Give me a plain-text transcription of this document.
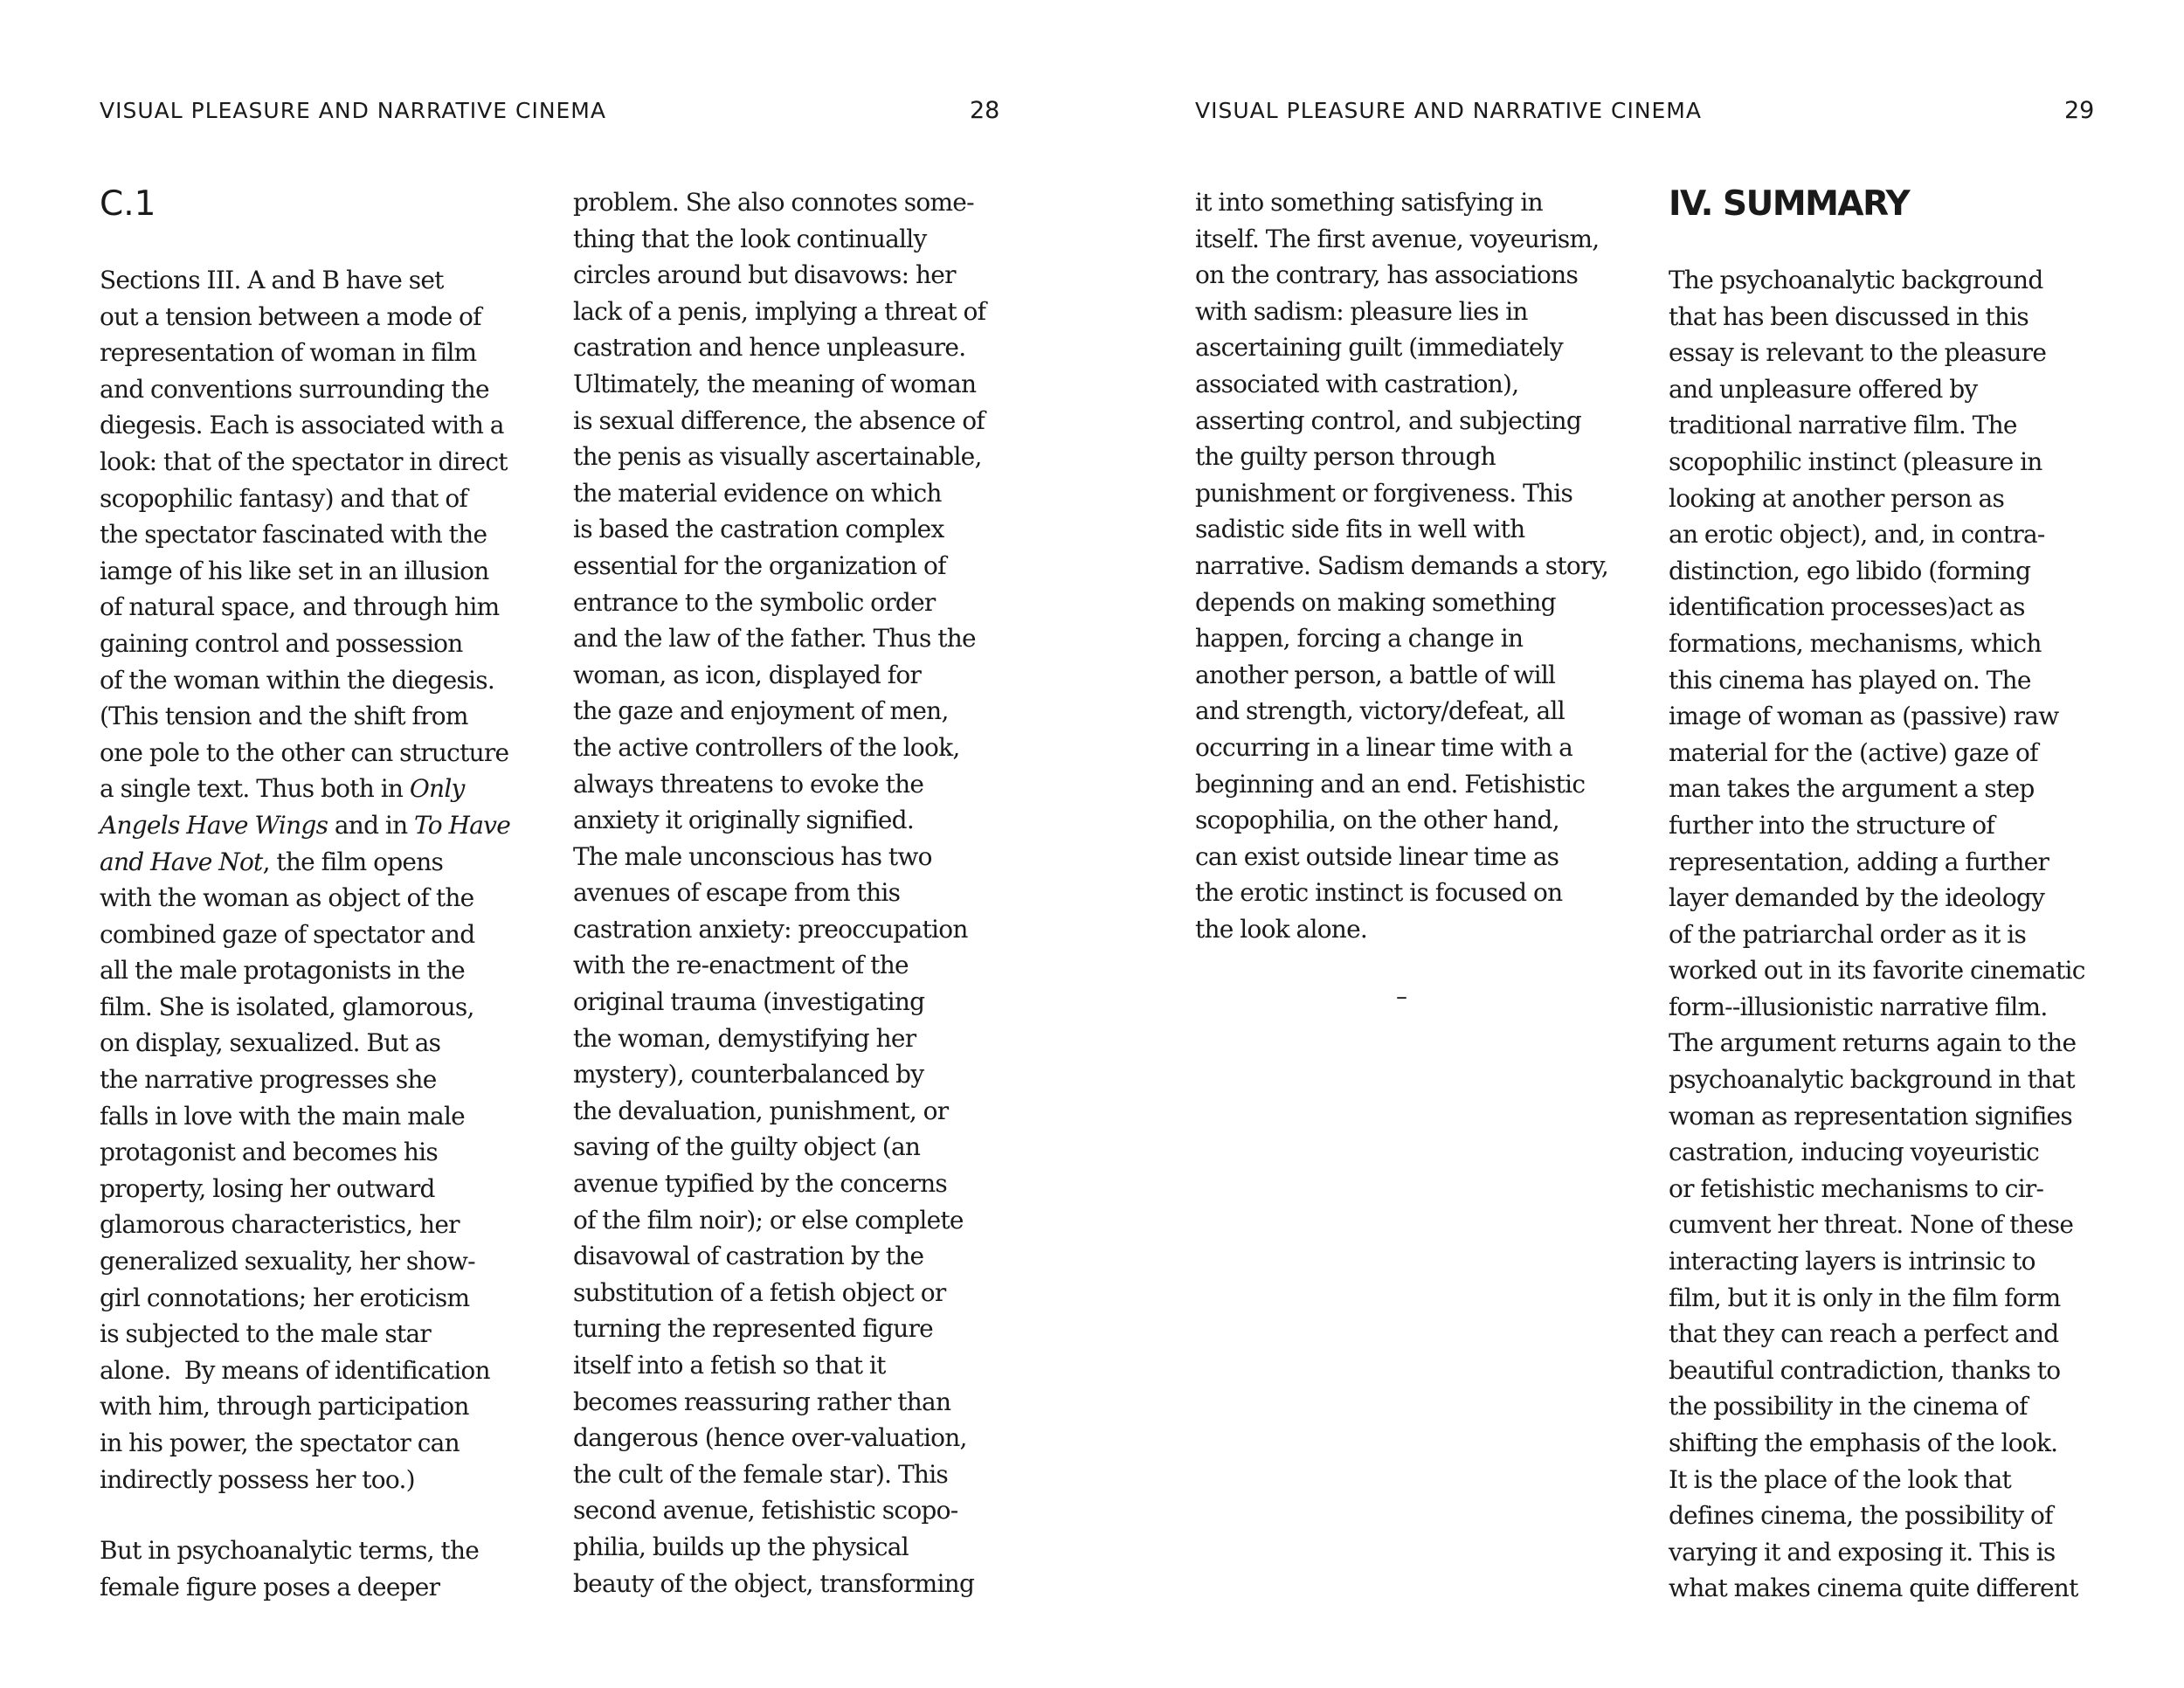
VISUAL PLEASURE AND NARRATIVE CINEMA	28	VISUAL PLEASURE AND NARRATIVE CINEMA	29
C.1

Sections III. A and B have set
out a tension between a mode of
representation of woman in film
and conventions surrounding the
diegesis. Each is associated with a
look: that of the spectator in direct
scopophilic fantasy) and that of
the spectator fascinated with the
iamge of his like set in an illusion
of natural space, and through him
gaining control and possession
of the woman within the diegesis.
(This tension and the shift from
one pole to the other can structure
a single text. Thus both in Only
Angels Have Wings and in To Have
and Have Not, the film opens
with the woman as object of the
combined gaze of spectator and
all the male protagonists in the
film. She is isolated, glamorous,
on display, sexualized. But as
the narrative progresses she
falls in love with the main male
protagonist and becomes his
property, losing her outward
glamorous characteristics, her
generalized sexuality, her show-
girl connotations; her eroticism
is subjected to the male star
alone.  By means of identification
with him, through participation
in his power, the spectator can
indirectly possess her too.)

But in psychoanalytic terms, the
female figure poses a deeper

problem. She also connotes some-
thing that the look continually
circles around but disavows: her
lack of a penis, implying a threat of
castration and hence unpleasure.
Ultimately, the meaning of woman
is sexual difference, the absence of
the penis as visually ascertainable,
the material evidence on which
is based the castration complex
essential for the organization of
entrance to the symbolic order
and the law of the father. Thus the
woman, as icon, displayed for
the gaze and enjoyment of men,
the active controllers of the look,
always threatens to evoke the
anxiety it originally signified.
The male unconscious has two
avenues of escape from this
castration anxiety: preoccupation
with the re-enactment of the
original trauma (investigating
the woman, demystifying her
mystery), counterbalanced by
the devaluation, punishment, or
saving of the guilty object (an
avenue typified by the concerns
of the film noir); or else complete
disavowal of castration by the
substitution of a fetish object or
turning the represented figure
itself into a fetish so that it
becomes reassuring rather than
dangerous (hence over-valuation,
the cult of the female star). This
second avenue, fetishistic scopo-
philia, builds up the physical
beauty of the object, transforming
it into something satisfying in
itself. The first avenue, voyeurism,
on the contrary, has associations
with sadism: pleasure lies in
ascertaining guilt (immediately
associated with castration),
asserting control, and subjecting
the guilty person through
punishment or forgiveness. This
sadistic side fits in well with
narrative. Sadism demands a story,
depends on making something
happen, forcing a change in
another person, a battle of will
and strength, victory/defeat, all
occurring in a linear time with a
beginning and an end. Fetishistic
scopophilia, on the other hand,
can exist outside linear time as
the erotic instinct is focused on
the look alone.
–
IV. SUMMARY
The psychoanalytic background
that has been discussed in this
essay is relevant to the pleasure
and unpleasure offered by
traditional narrative film. The
scopophilic instinct (pleasure in
looking at another person as
an erotic object), and, in contra-
distinction, ego libido (forming
identification processes)act as
formations, mechanisms, which
this cinema has played on. The
image of woman as (passive) raw
material for the (active) gaze of
man takes the argument a step
further into the structure of
representation, adding a further
layer demanded by the ideology
of the patriarchal order as it is
worked out in its favorite cinematic
form--illusionistic narrative film.
The argument returns again to the
psychoanalytic background in that
woman as representation signifies
castration, inducing voyeuristic
or fetishistic mechanisms to cir-
cumvent her threat. None of these
interacting layers is intrinsic to
film, but it is only in the film form
that they can reach a perfect and
beautiful contradiction, thanks to
the possibility in the cinema of
shifting the emphasis of the look.
It is the place of the look that
defines cinema, the possibility of
varying it and exposing it. This is
what makes cinema quite different
